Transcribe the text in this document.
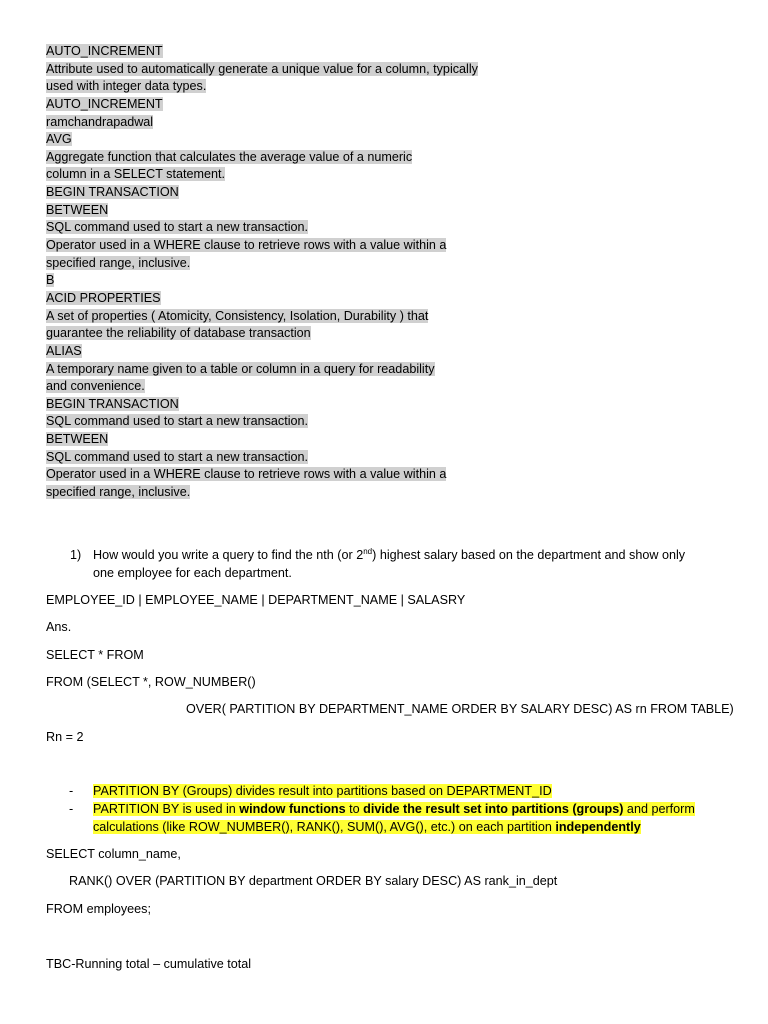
AUTO_INCREMENT
Attribute used to automatically generate a unique value for a column, typically
used with integer data types.
AUTO_INCREMENT
ramchandrapadwal
AVG
Aggregate function that calculates the average value of a numeric
column in a SELECT statement.
BEGIN TRANSACTION
BETWEEN
SQL command used to start a new transaction.
Operator used in a WHERE clause to retrieve rows with a value within a
specified range, inclusive.
B
ACID PROPERTIES
A set of properties ( Atomicity, Consistency, Isolation, Durability ) that
guarantee the reliability of database transaction
ALIAS
A temporary name given to a table or column in a query for readability
and convenience.
BEGIN TRANSACTION
SQL command used to start a new transaction.
BETWEEN
SQL command used to start a new transaction.
Operator used in a WHERE clause to retrieve rows with a value within a
specified range, inclusive.
1) How would you write a query to find the nth (or 2nd) highest salary based on the department and show only
one employee for each department.
EMPLOYEE_ID | EMPLOYEE_NAME | DEPARTMENT_NAME | SALASRY
Ans.
SELECT * FROM
FROM (SELECT *, ROW_NUMBER()
OVER( PARTITION BY DEPARTMENT_NAME ORDER BY SALARY DESC) AS rn FROM TABLE)
Rn = 2
- PARTITION BY (Groups) divides result into partitions based on DEPARTMENT_ID
- PARTITION BY is used in window functions to divide the result set into partitions (groups) and perform
calculations (like ROW_NUMBER(), RANK(), SUM(), AVG(), etc.) on each partition independently
SELECT column_name,
RANK() OVER (PARTITION BY department ORDER BY salary DESC) AS rank_in_dept
FROM employees;
TBC-Running total – cumulative total
